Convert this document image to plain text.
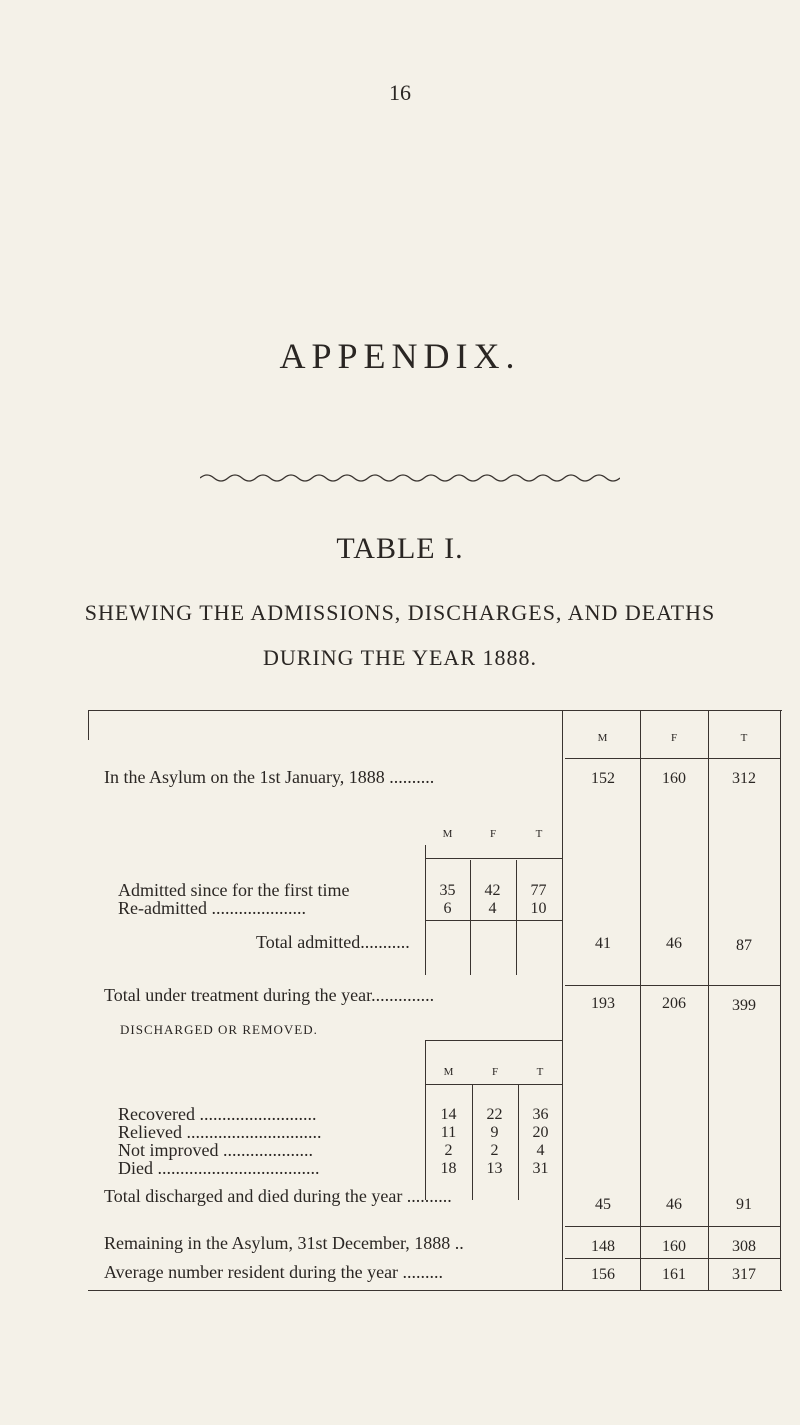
16
APPENDIX.
TABLE I.
SHEWING THE ADMISSIONS, DISCHARGES, AND DEATHS
DURING THE YEAR 1888.
M	F	T
In the Asylum on the 1st January, 1888 ..........	152	160	312
M	F	T
Admitted since for the first time	35	42	77
Re-admitted .....................	6	4	10
Total admitted...........	41	46	87
Total under treatment during the year..............	193	206	399
DISCHARGED OR REMOVED.
M	F	T
Recovered ..........................	14	22	36
Relieved ..............................	11	9	20
Not improved ....................	2	2	4
Died ....................................	18	13	31
Total discharged and died during the year ..........	45	46	91
Remaining in the Asylum, 31st December, 1888 ..	148	160	308
Average number resident during the year .........	156	161	317
